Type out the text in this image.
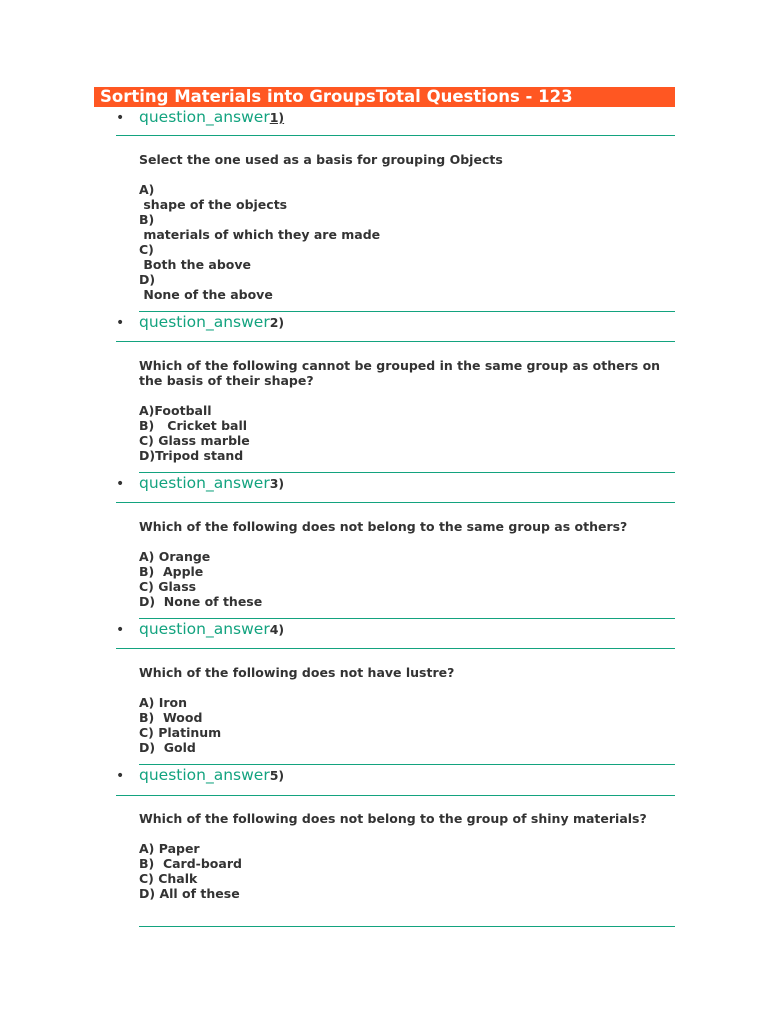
Sorting Materials into GroupsTotal Questions - 123
• question_answer1)

Select the one used as a basis for grouping Objects

A)

shape of the objects

B)

materials of which they are made

C)

Both the above

D)

None of the above

• question_answer2)

Which of the following cannot be grouped in the same group as others on the basis of their shape?

A)Football

B)   Cricket ball

C) Glass marble

D)Tripod stand

• question_answer3)

Which of the following does not belong to the same group as others?

A) Orange

B)  Apple

C) Glass

D)  None of these

• question_answer4)

Which of the following does not have lustre?

A) Iron

B)  Wood

C) Platinum

D)  Gold

• question_answer5)

Which of the following does not belong to the group of shiny materials?

A) Paper

B)  Card-board

C) Chalk

D) All of these
